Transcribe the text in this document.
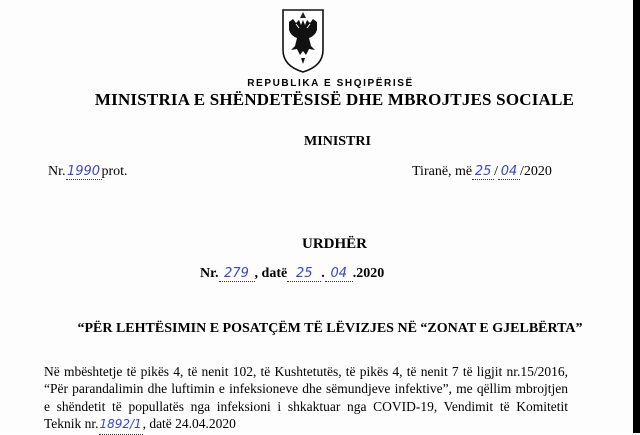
REPUBLIKA E SHQIPËRISË
MINISTRIA E SHËNDETËSISË DHE MBROJTJES SOCIALE
MINISTRI
Nr.1990prot.	Tiranë, më 25 / 04 /2020
URDHËR
Nr. 279 , datë 25 . 04 .2020
“PËR LEHTËSIMIN E POSATÇËM TË LËVIZJES NË “ZONAT E GJELBËRTA”

Në mbështetje të pikës 4, të nenit 102, të Kushtetutës, të pikës 4, të nenit 7 të ligjit nr.15/2016, “Për parandalimin dhe luftimin e infeksioneve dhe sëmundjeve infektive”, me qëllim mbrojtjen e shëndetit të popullatës nga infeksioni i shkaktuar nga COVID-19, Vendimit të Komitetit Teknik nr.1892/1, datë 24.04.2020
